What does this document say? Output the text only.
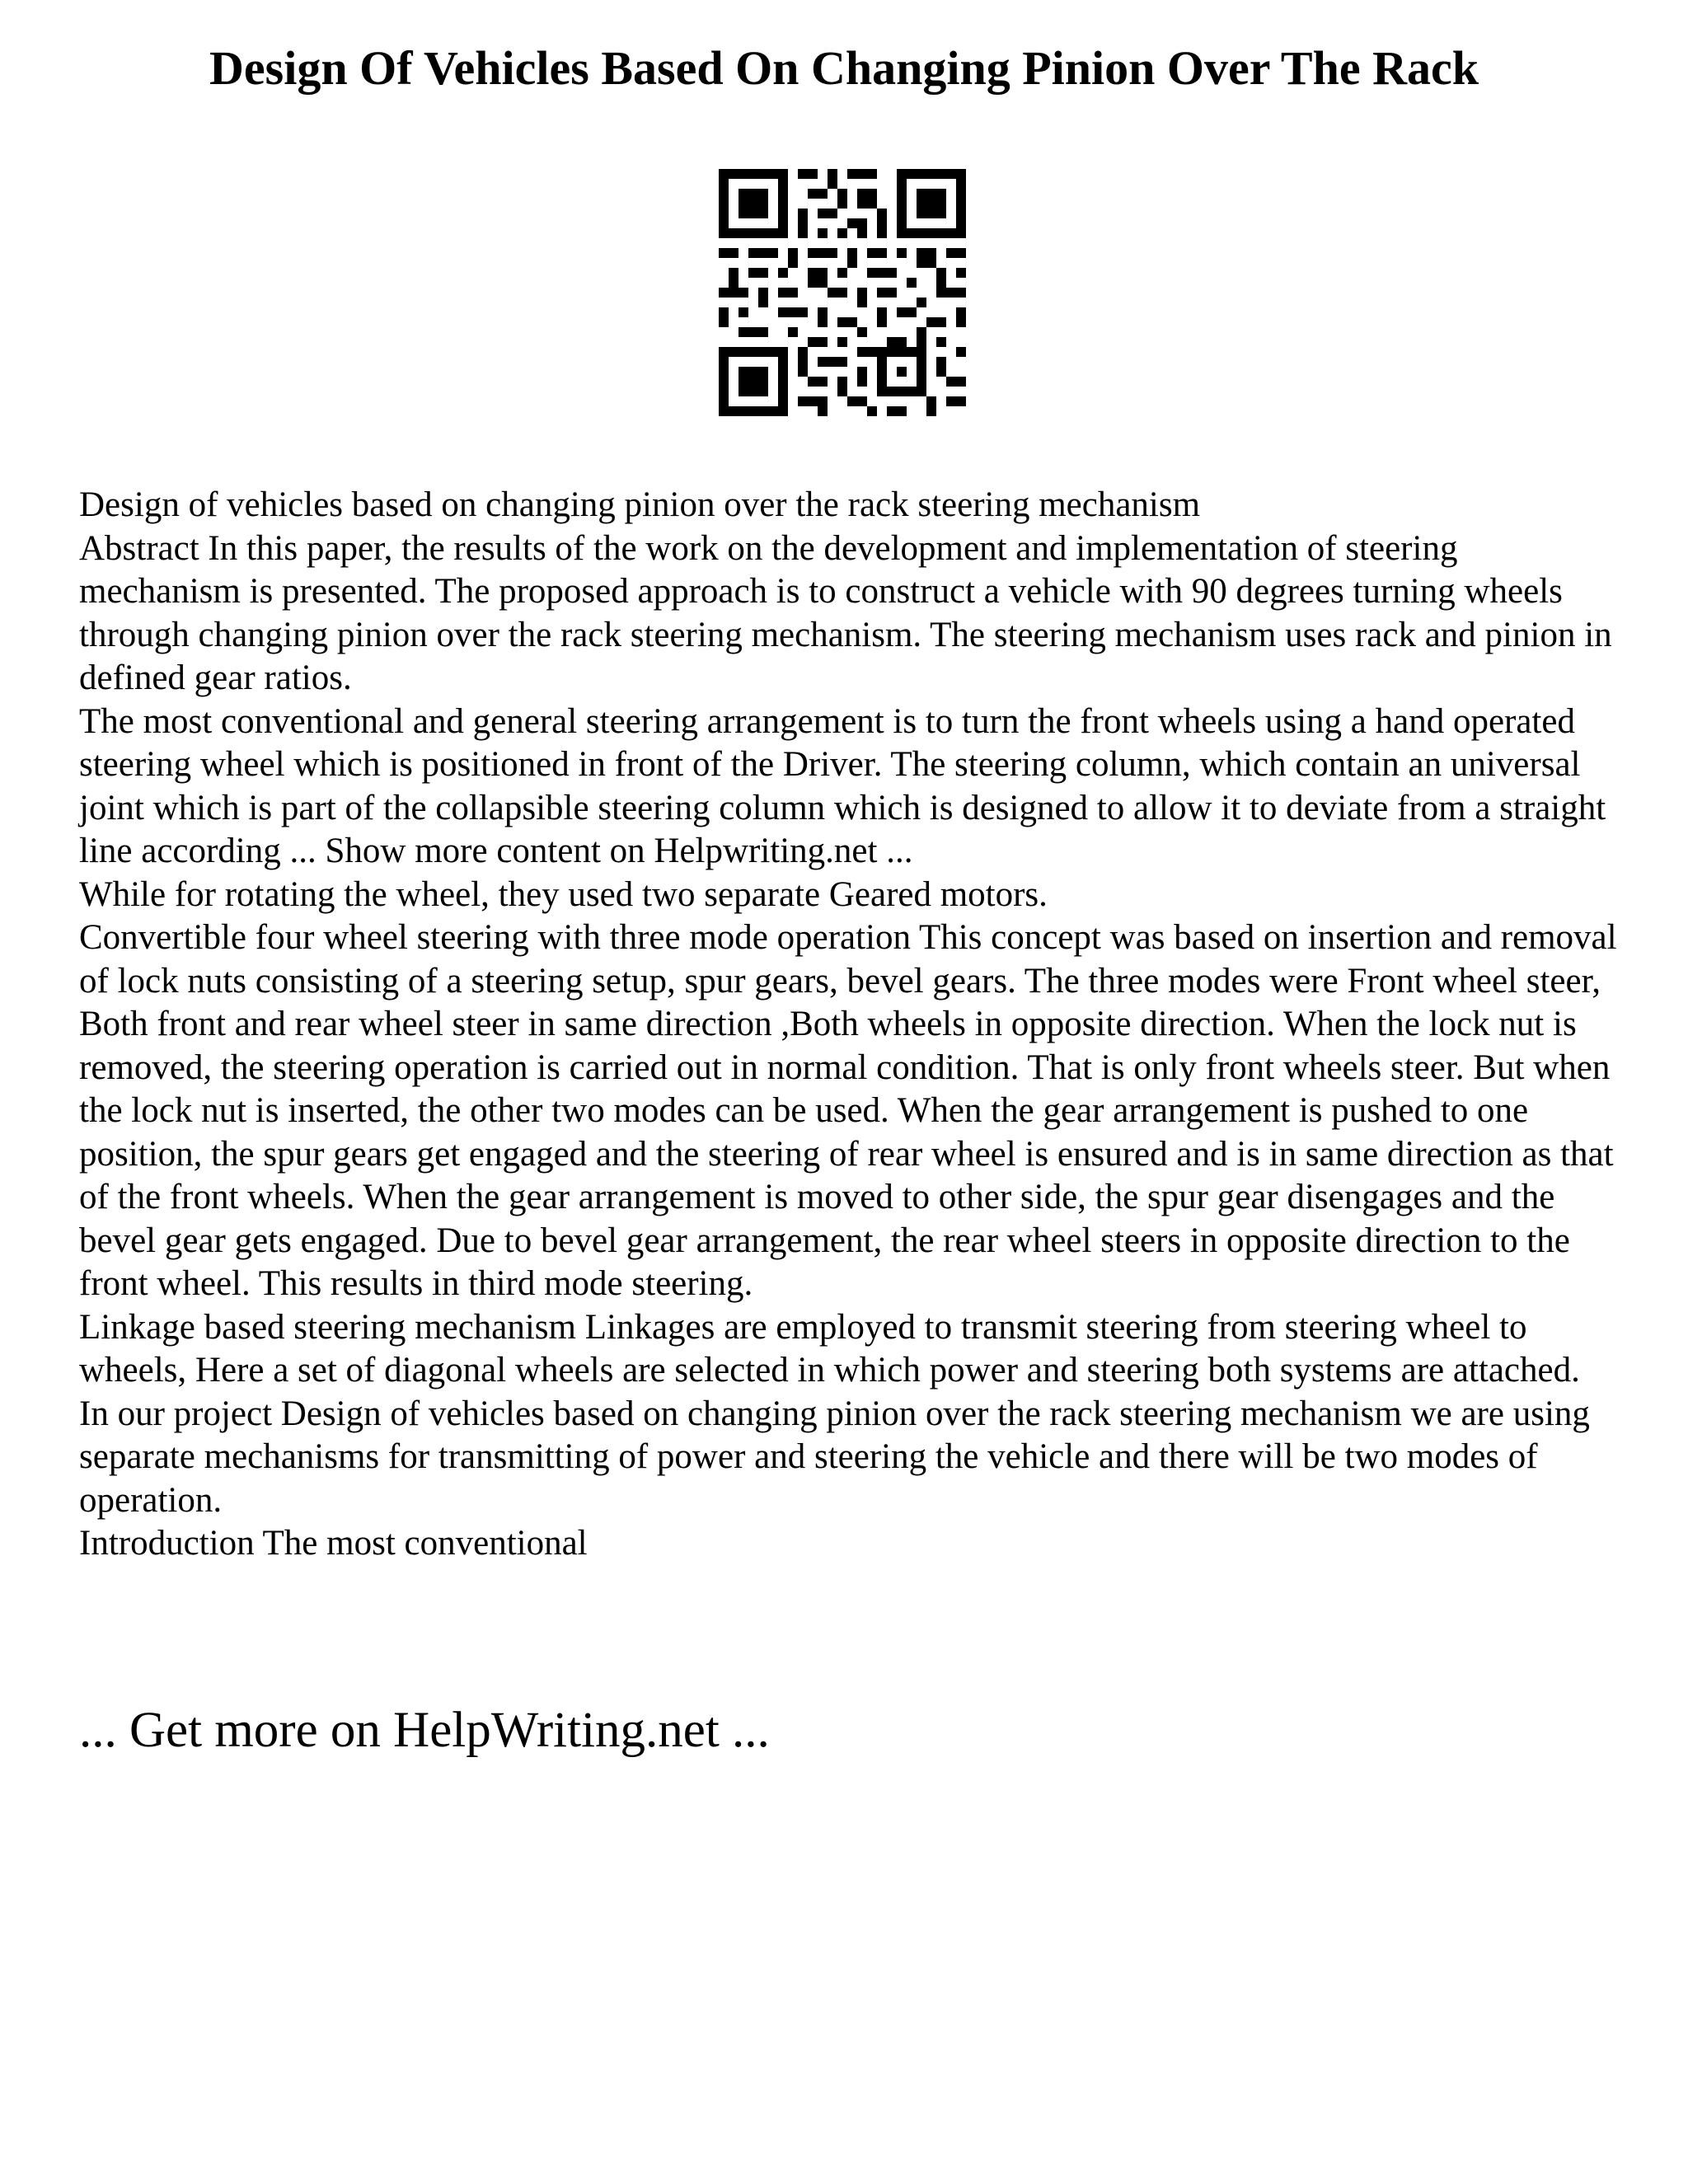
Design Of Vehicles Based On Changing Pinion Over The Rack

Design of vehicles based on changing pinion over the rack steering mechanism

Abstract In this paper, the results of the work on the development and implementation of steering mechanism is presented. The proposed approach is to construct a vehicle with 90 degrees turning wheels through changing pinion over the rack steering mechanism. The steering mechanism uses rack and pinion in defined gear ratios.

The most conventional and general steering arrangement is to turn the front wheels using a hand operated steering wheel which is positioned in front of the Driver. The steering column, which contain an universal joint which is part of the collapsible steering column which is designed to allow it to deviate from a straight line according ... Show more content on Helpwriting.net ...

While for rotating the wheel, they used two separate Geared motors.

Convertible four wheel steering with three mode operation This concept was based on insertion and removal of lock nuts consisting of a steering setup, spur gears, bevel gears. The three modes were Front wheel steer, Both front and rear wheel steer in same direction ,Both wheels in opposite direction. When the lock nut is removed, the steering operation is carried out in normal condition. That is only front wheels steer. But when the lock nut is inserted, the other two modes can be used. When the gear arrangement is pushed to one position, the spur gears get engaged and the steering of rear wheel is ensured and is in same direction as that of the front wheels. When the gear arrangement is moved to other side, the spur gear disengages and the bevel gear gets engaged. Due to bevel gear arrangement, the rear wheel steers in opposite direction to the front wheel. This results in third mode steering.

Linkage based steering mechanism Linkages are employed to transmit steering from steering wheel to wheels, Here a set of diagonal wheels are selected in which power and steering both systems are attached.

In our project Design of vehicles based on changing pinion over the rack steering mechanism we are using separate mechanisms for transmitting of power and steering the vehicle and there will be two modes of operation.

Introduction The most conventional

... Get more on HelpWriting.net ...
